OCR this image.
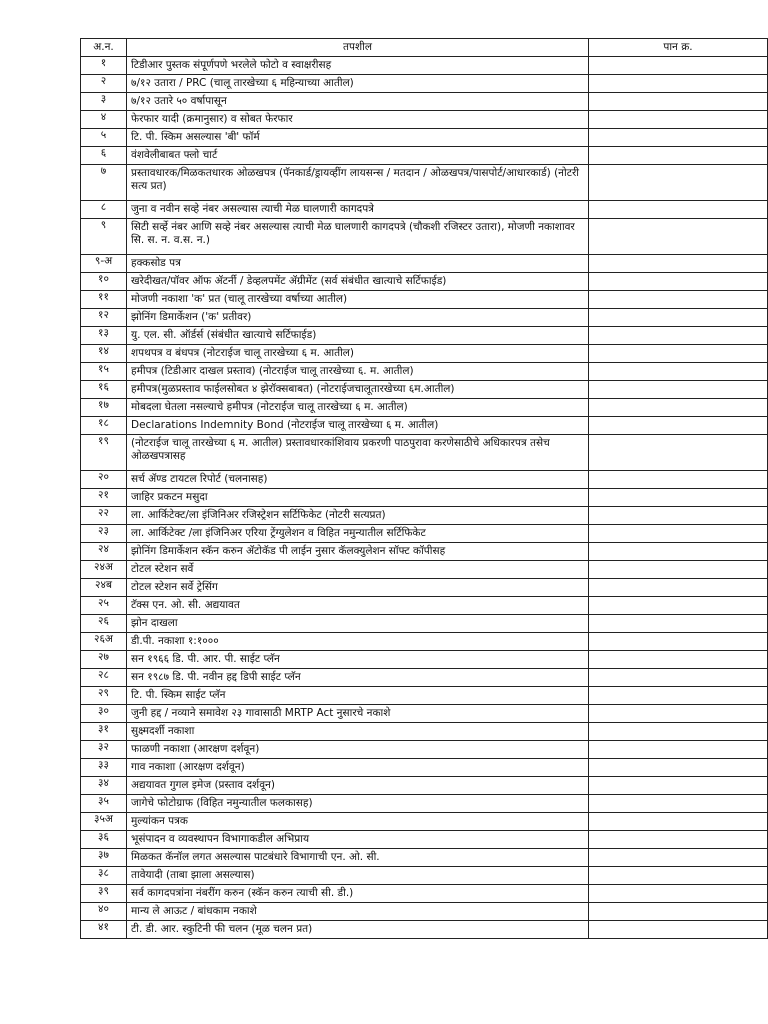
अ.न.	तपशील	पान क्र.
१	टिडीआर पुस्तक संपूर्णपणे भरलेले फोटो व स्वाक्षरीसह	
२	७/१२ उतारा / PRC (चालू तारखेच्या ६ महिन्याच्या आतील)	
३	७/१२ उतारे ५० वर्षापासून	
४	फेरफार यादी (क्रमानुसार) व सोबत फेरफार	
५	टि. पी. स्किम असल्यास 'बी' फॉर्म	
६	वंशवेलीबाबत फ्लो चार्ट	
७	प्रस्तावधारक/मिळकतधारक ओळखपत्र (पॅनकार्ड/ड्रायव्हींग लायसन्स / मतदान / ओळखपत्र/पासपोर्ट/आधारकार्ड) (नोटरी सत्य प्रत)	
८	जुना व नवीन सव्हे नंबर असल्यास त्याची मेळ घालणारी कागदपत्रे	
९	सिटी सर्व्हे नंबर आणि सव्हे नंबर असल्यास त्याची मेळ घालणारी कागदपत्रे (चौकशी रजिस्टर उतारा), मोजणी नकाशावर सि. स. न. व.स. न.)	
९-अ	हक्कसोड पत्र	
१०	खरेदीखत/पॉवर ऑफ ॲटर्नी / डेव्हलपमेंट ॲग्रीमेंट (सर्व संबंधीत खात्याचे सर्टिफाईड)	
११	मोजणी नकाशा 'क' प्रत (चालू तारखेच्या वर्षाच्या आतील)	
१२	झोनिंग डिमार्केशन ('क' प्रतीवर)	
१३	यु. एल. सी. ऑर्डर्स (संबंधीत खात्याचे सर्टिफाईड)	
१४	शपथपत्र व बंधपत्र (नोटराईज चालू तारखेच्या ६ म. आतील)	
१५	हमीपत्र (टिडीआर दाखल प्रस्ताव) (नोटराईज चालू तारखेच्या ६. म. आतील)	
१६	हमीपत्र(मुळप्रस्ताव फाईलसोबत ४ झेरॉक्सबाबत) (नोटराईजचालूतारखेच्या ६म.आतील)	
१७	मोबदला घेतला नसल्याचे हमीपत्र (नोटराईज चालू तारखेच्या ६ म. आतील)	
१८	Declarations Indemnity Bond (नोटराईज चालू तारखेच्या ६ म. आतील)	
१९	(नोटराईज चालू तारखेच्या ६ म. आतील) प्रस्तावधारकांशिवाय प्रकरणी पाठपुरावा करणेसाठीचे अधिकारपत्र तसेच ओळखपत्रासह	
२०	सर्च ॲण्ड टायटल रिपोर्ट (चलनासह)	
२१	जाहिर प्रकटन मसुदा	
२२	ला. आर्किटेक्ट/ला इंजिनिअर रजिस्ट्रेशन सर्टिफिकेट (नोटरी सत्यप्रत)	
२३	ला. आर्किटेक्ट /ला इंजिनिअर एरिया ट्रेंग्युलेशन व विहित नमुन्यातील सर्टिफिकेट	
२४	झोनिंग डिमार्केशन स्कॅन करुन ॲटोकॅड पी लाईन नुसार कॅलक्युलेशन सॉफ्ट कॉपीसह	
२४अ	टोटल स्टेशन सर्वे	
२४ब	टोटल स्टेशन सर्वे ट्रेसिंग	
२५	टॅक्स एन. ओ. सी. अद्ययावत	
२६	झोन दाखला	
२६अ	डी.पी. नकाशा १:१०००	
२७	सन १९६६ डि. पी. आर. पी. साईट प्लॅन	
२८	सन १९८७ डि. पी. नवीन हद्द डिपी साईट प्लॅन	
२९	टि. पी. स्किम साईट प्लॅन	
३०	जुनी हद्द / नव्याने समावेश २३ गावासाठी MRTP Act नुसारचे नकाशे	
३१	सुक्ष्मदर्शी नकाशा	
३२	फाळणी नकाशा (आरक्षण दर्शवून)	
३३	गाव नकाशा (आरक्षण दर्शवून)	
३४	अद्ययावत गुगल इमेज (प्रस्ताव दर्शवून)	
३५	जागेचे फोटोग्राफ (विहित नमुन्यातील फलकासह)	
३५अ	मुल्यांकन पत्रक	
३६	भूसंपादन व व्यवस्थापन विभागाकडील अभिप्राय	
३७	मिळकत कॅनॉल लगत असल्यास पाटबंधारे विभागाची एन. ओ. सी.	
३८	तावेयादी (ताबा झाला असल्यास)	
३९	सर्व कागदपत्रांना नंबरींग करुन (स्कॅन करुन त्याची सी. डी.)	
४०	मान्य ले आऊट / बांधकाम नकाशे	
४१	टी. डी. आर. स्कुटिनी फी चलन (मूळ चलन प्रत)	
